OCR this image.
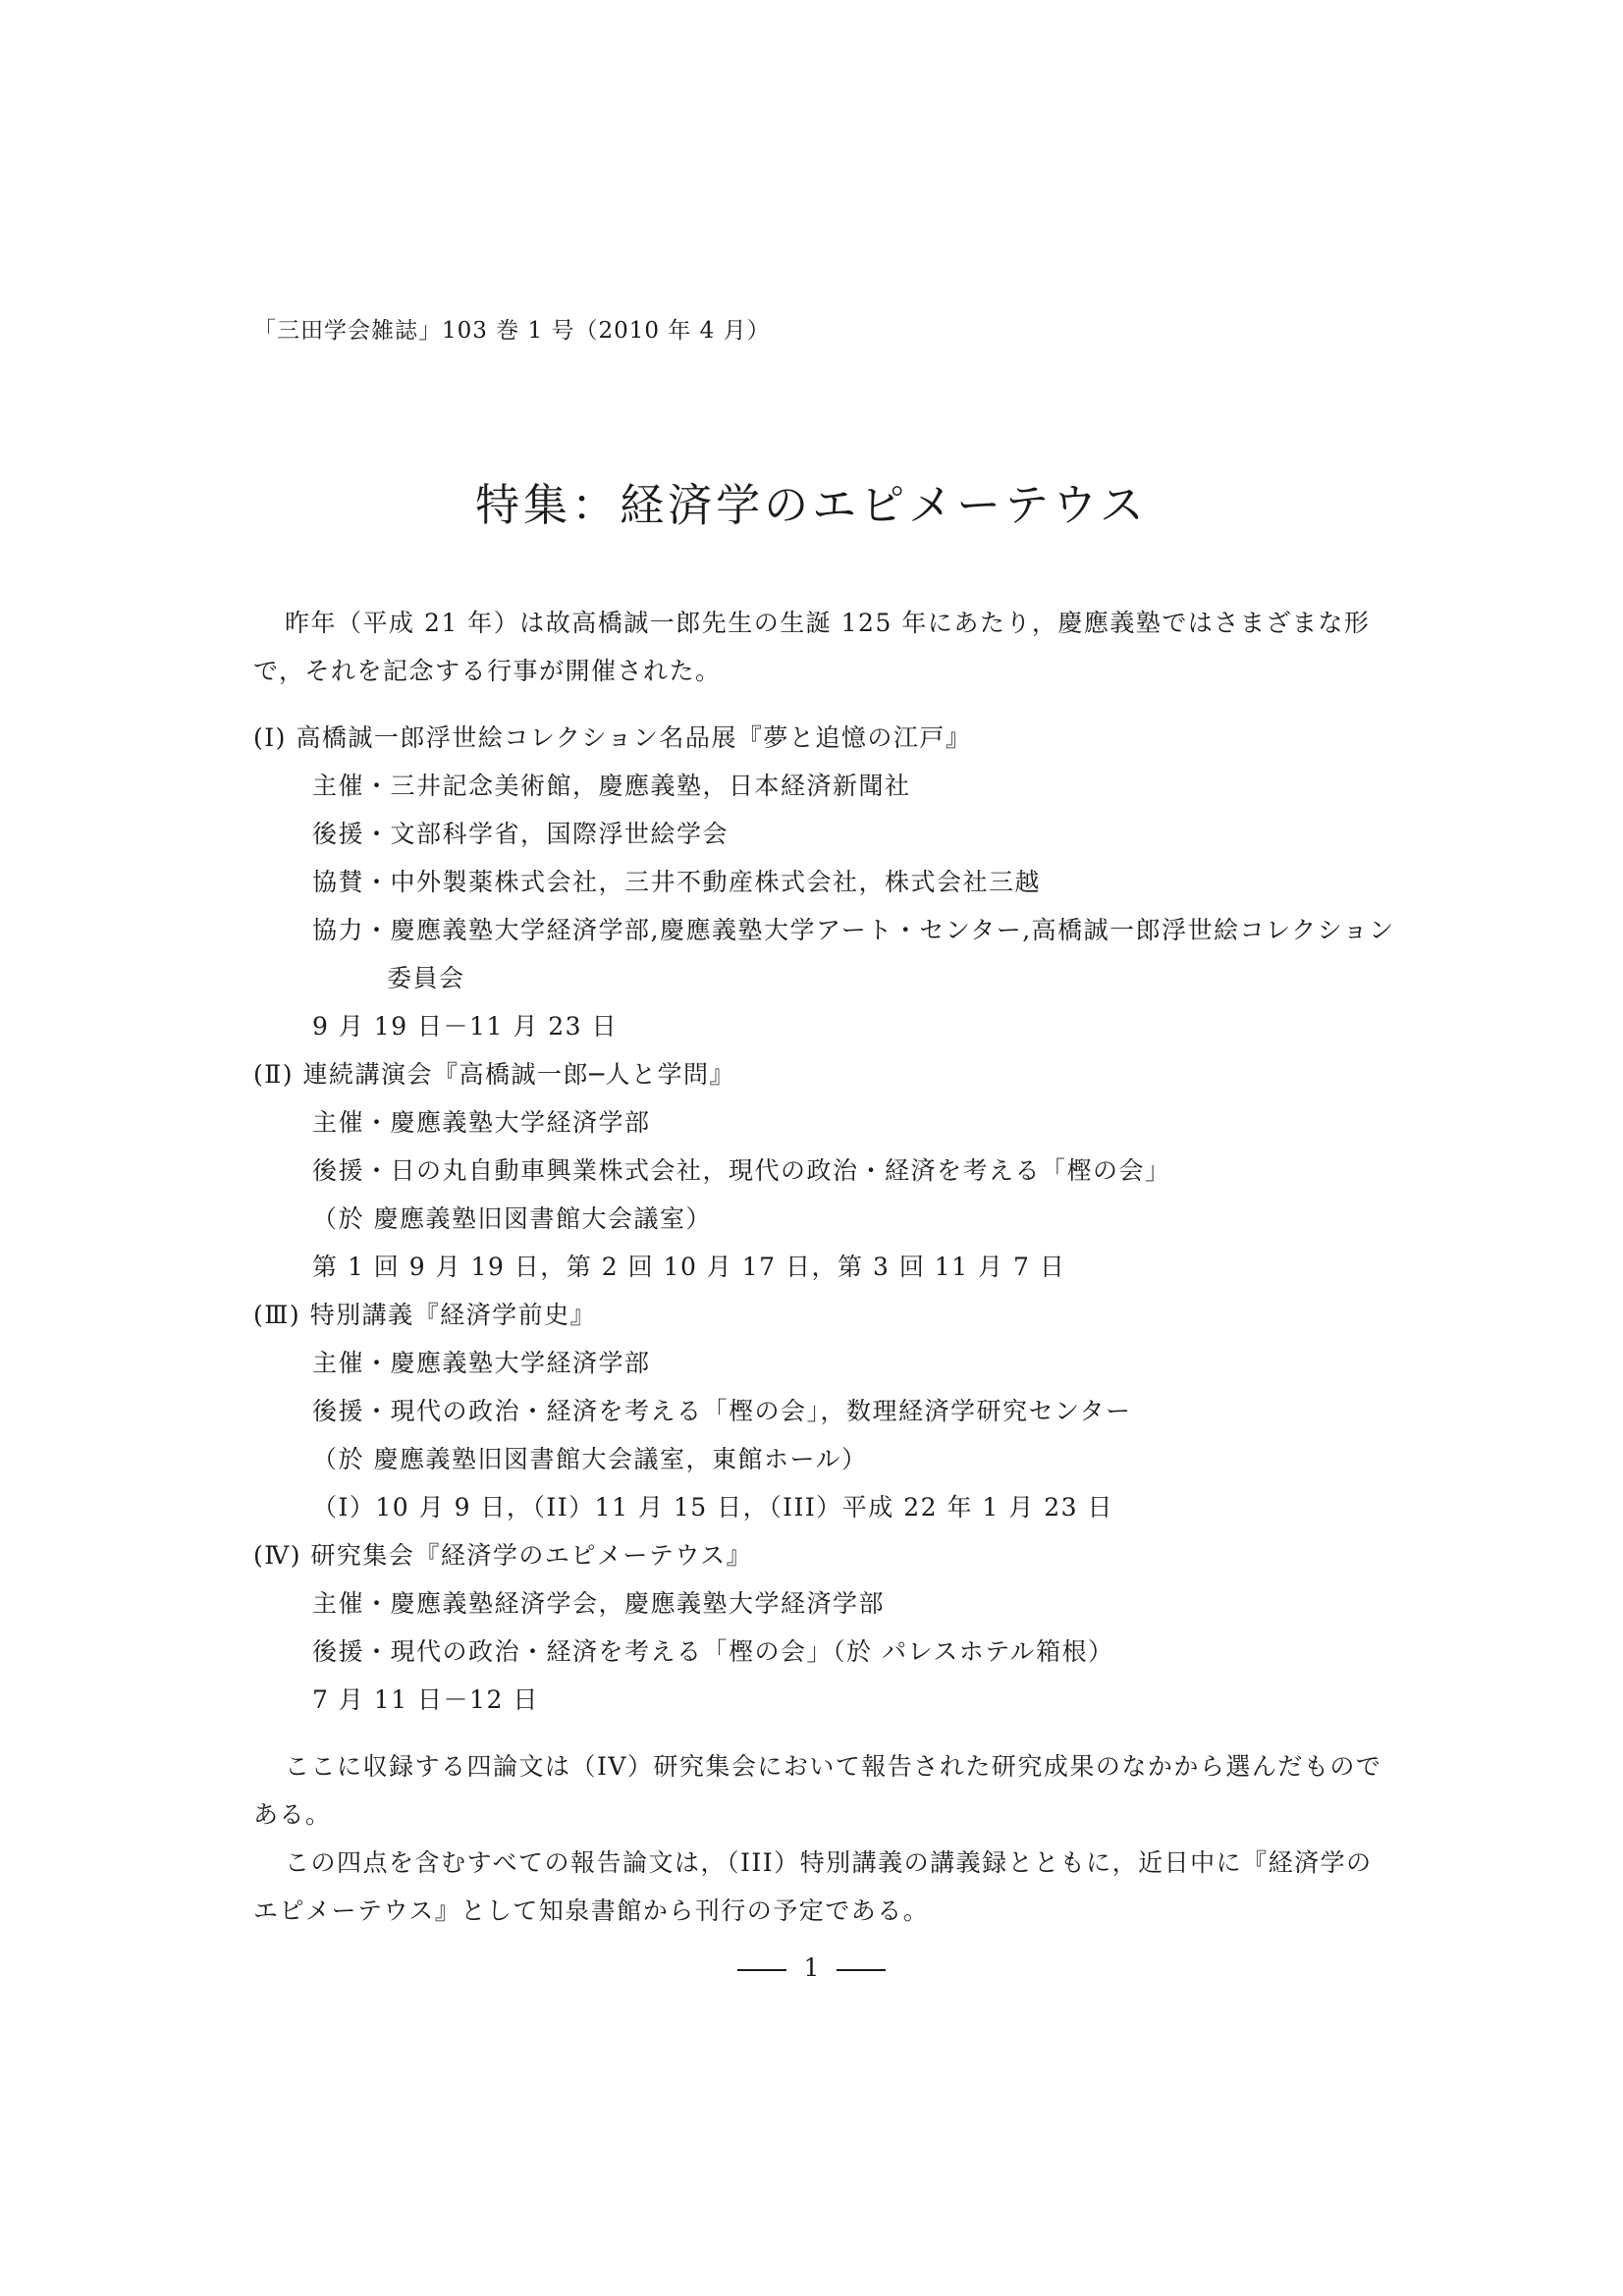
「三田学会雑誌」103 巻 1 号（2010 年 4 月）
特集：経済学のエピメーテウス
昨年（平成 21 年）は故高橋誠一郎先生の生誕 125 年にあたり，慶應義塾ではさまざまな形で，それを記念する行事が開催された。
(Ⅰ) 高橋誠一郎浮世絵コレクション名品展『夢と追憶の江戸』
主催・三井記念美術館，慶應義塾，日本経済新聞社
後援・文部科学省，国際浮世絵学会
協賛・中外製薬株式会社，三井不動産株式会社，株式会社三越
協力・慶應義塾大学経済学部,慶應義塾大学アート・センター,高橋誠一郎浮世絵コレクション
委員会
9 月 19 日－11 月 23 日
(Ⅱ) 連続講演会『高橋誠一郎─人と学問』
主催・慶應義塾大学経済学部
後援・日の丸自動車興業株式会社，現代の政治・経済を考える「樫の会」
（於 慶應義塾旧図書館大会議室）
第 1 回 9 月 19 日，第 2 回 10 月 17 日，第 3 回 11 月 7 日
(Ⅲ) 特別講義『経済学前史』
主催・慶應義塾大学経済学部
後援・現代の政治・経済を考える「樫の会」，数理経済学研究センター
（於 慶應義塾旧図書館大会議室，東館ホール）
（I）10 月 9 日，（II）11 月 15 日，（III）平成 22 年 1 月 23 日
(Ⅳ) 研究集会『経済学のエピメーテウス』
主催・慶應義塾経済学会，慶應義塾大学経済学部
後援・現代の政治・経済を考える「樫の会」（於 パレスホテル箱根）
7 月 11 日－12 日

ここに収録する四論文は（IV）研究集会において報告された研究成果のなかから選んだものである。

この四点を含むすべての報告論文は，（III）特別講義の講義録とともに，近日中に『経済学のエピメーテウス』として知泉書館から刊行の予定である。

1
